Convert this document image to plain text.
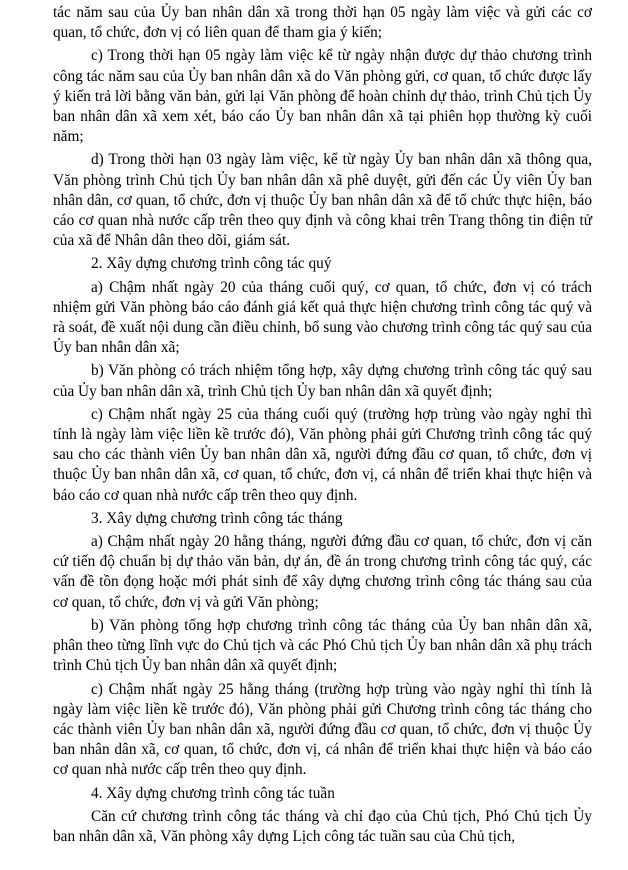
tác năm sau của Ủy ban nhân dân xã trong thời hạn 05 ngày làm việc và gửi các cơ quan, tổ chức, đơn vị có liên quan để tham gia ý kiến;

c) Trong thời hạn 05 ngày làm việc kể từ ngày nhận được dự thảo chương trình công tác năm sau của Ủy ban nhân dân xã do Văn phòng gửi, cơ quan, tổ chức được lấy ý kiến trả lời bằng văn bản, gửi lại Văn phòng để hoàn chỉnh dự thảo, trình Chủ tịch Ủy ban nhân dân xã xem xét, báo cáo Ủy ban nhân dân xã tại phiên họp thường kỳ cuối năm;

d) Trong thời hạn 03 ngày làm việc, kể từ ngày Ủy ban nhân dân xã thông qua, Văn phòng trình Chủ tịch Ủy ban nhân dân xã phê duyệt, gửi đến các Ủy viên Ủy ban nhân dân, cơ quan, tổ chức, đơn vị thuộc Ủy ban nhân dân xã để tổ chức thực hiện, báo cáo cơ quan nhà nước cấp trên theo quy định và công khai trên Trang thông tin điện tử của xã để Nhân dân theo dõi, giám sát.

2. Xây dựng chương trình công tác quý

a) Chậm nhất ngày 20 của tháng cuối quý, cơ quan, tổ chức, đơn vị có trách nhiệm gửi Văn phòng báo cáo đánh giá kết quả thực hiện chương trình công tác quý và rà soát, đề xuất nội dung cần điều chỉnh, bổ sung vào chương trình công tác quý sau của Ủy ban nhân dân xã;

b) Văn phòng có trách nhiệm tổng hợp, xây dựng chương trình công tác quý sau của Ủy ban nhân dân xã, trình Chủ tịch Ủy ban nhân dân xã quyết định;

c) Chậm nhất ngày 25 của tháng cuối quý (trường hợp trùng vào ngày nghỉ thì tính là ngày làm việc liền kề trước đó), Văn phòng phải gửi Chương trình công tác quý sau cho các thành viên Ủy ban nhân dân xã, người đứng đầu cơ quan, tổ chức, đơn vị thuộc Ủy ban nhân dân xã, cơ quan, tổ chức, đơn vị, cá nhân để triển khai thực hiện và báo cáo cơ quan nhà nước cấp trên theo quy định.

3. Xây dựng chương trình công tác tháng

a) Chậm nhất ngày 20 hằng tháng, người đứng đầu cơ quan, tổ chức, đơn vị căn cứ tiến độ chuẩn bị dự thảo văn bản, dự án, đề án trong chương trình công tác quý, các vấn đề tồn đọng hoặc mới phát sinh để xây dựng chương trình công tác tháng sau của cơ quan, tổ chức, đơn vị và gửi Văn phòng;

b) Văn phòng tổng hợp chương trình công tác tháng của Ủy ban nhân dân xã, phân theo từng lĩnh vực do Chủ tịch và các Phó Chủ tịch Ủy ban nhân dân xã phụ trách trình Chủ tịch Ủy ban nhân dân xã quyết định;

c) Chậm nhất ngày 25 hằng tháng (trường hợp trùng vào ngày nghỉ thì tính là ngày làm việc liền kề trước đó), Văn phòng phải gửi Chương trình công tác tháng cho các thành viên Ủy ban nhân dân xã, người đứng đầu cơ quan, tổ chức, đơn vị thuộc Ủy ban nhân dân xã, cơ quan, tổ chức, đơn vị, cá nhân để triển khai thực hiện và báo cáo cơ quan nhà nước cấp trên theo quy định.

4. Xây dựng chương trình công tác tuần

Căn cứ chương trình công tác tháng và chỉ đạo của Chủ tịch, Phó Chủ tịch Ủy ban nhân dân xã, Văn phòng xây dựng Lịch công tác tuần sau của Chủ tịch,
